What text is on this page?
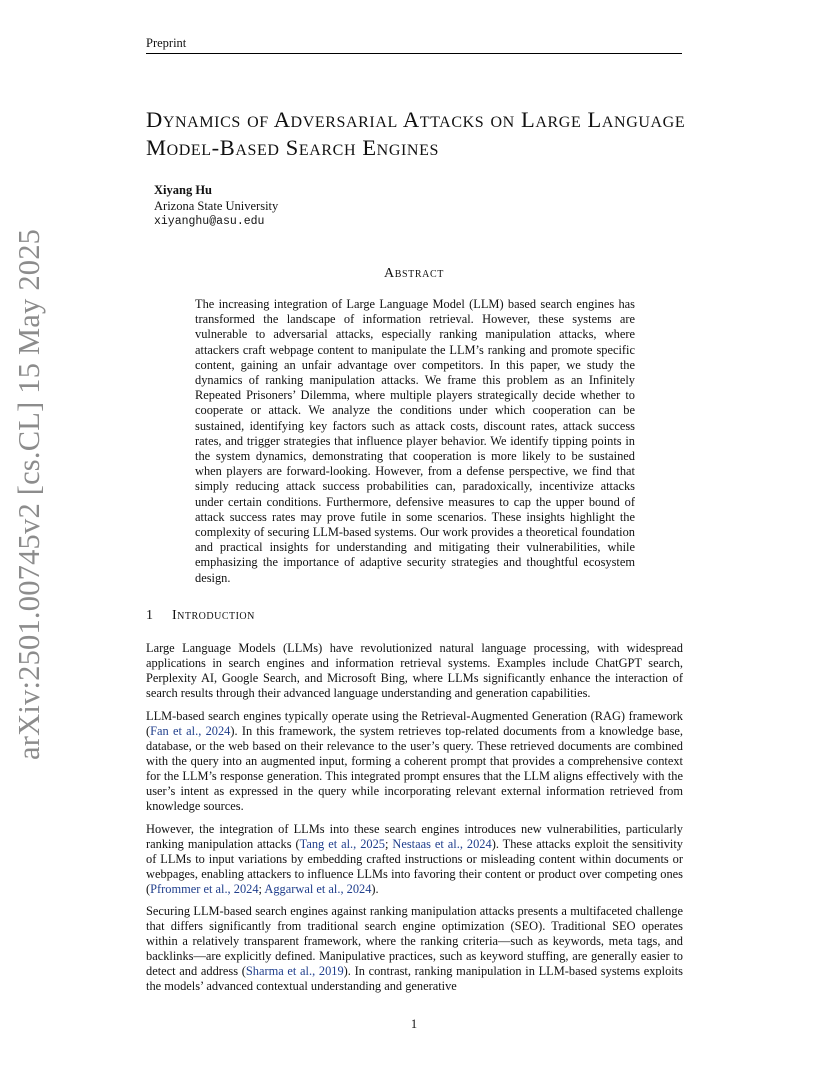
Preprint
arXiv:2501.00745v2 [cs.CL] 15 May 2025
Dynamics of Adversarial Attacks on Large Language Model-Based Search Engines
Xiyang Hu
Arizona State University
xiyanghu@asu.edu
Abstract

The increasing integration of Large Language Model (LLM) based search engines has transformed the landscape of information retrieval. However, these systems are vulnerable to adversarial attacks, especially ranking manipulation attacks, where attackers craft webpage content to manipulate the LLM’s ranking and promote specific content, gaining an unfair advantage over competitors. In this paper, we study the dynamics of ranking manipulation attacks. We frame this problem as an Infinitely Repeated Prisoners’ Dilemma, where multiple players strategically decide whether to cooperate or attack. We analyze the conditions under which cooperation can be sustained, identifying key factors such as attack costs, discount rates, attack success rates, and trigger strategies that influence player behavior. We identify tipping points in the system dynamics, demonstrating that cooperation is more likely to be sustained when players are forward-looking. However, from a defense perspective, we find that simply reducing attack success probabilities can, paradoxically, incentivize attacks under certain conditions. Furthermore, defensive measures to cap the upper bound of attack success rates may prove futile in some scenarios. These insights highlight the complexity of securing LLM-based systems. Our work provides a theoretical foundation and practical insights for understanding and mitigating their vulnerabilities, while emphasizing the importance of adaptive security strategies and thoughtful ecosystem design.

1 Introduction

Large Language Models (LLMs) have revolutionized natural language processing, with widespread applications in search engines and information retrieval systems. Examples include ChatGPT search, Perplexity AI, Google Search, and Microsoft Bing, where LLMs significantly enhance the interaction of search results through their advanced language understanding and generation capabilities.

LLM-based search engines typically operate using the Retrieval-Augmented Generation (RAG) framework (Fan et al., 2024). In this framework, the system retrieves top-related documents from a knowledge base, database, or the web based on their relevance to the user’s query. These retrieved documents are combined with the query into an augmented input, forming a coherent prompt that provides a comprehensive context for the LLM’s response generation. This integrated prompt ensures that the LLM aligns effectively with the user’s intent as expressed in the query while incorporating relevant external information retrieved from knowledge sources.

However, the integration of LLMs into these search engines introduces new vulnerabilities, particularly ranking manipulation attacks (Tang et al., 2025; Nestaas et al., 2024). These attacks exploit the sensitivity of LLMs to input variations by embedding crafted instructions or misleading content within documents or webpages, enabling attackers to influence LLMs into favoring their content or product over competing ones (Pfrommer et al., 2024; Aggarwal et al., 2024).

Securing LLM-based search engines against ranking manipulation attacks presents a multifaceted challenge that differs significantly from traditional search engine optimization (SEO). Traditional SEO operates within a relatively transparent framework, where the ranking criteria—such as keywords, meta tags, and backlinks—are explicitly defined. Manipulative practices, such as keyword stuffing, are generally easier to detect and address (Sharma et al., 2019). In contrast, ranking manipulation in LLM-based systems exploits the models’ advanced contextual understanding and generative

1
